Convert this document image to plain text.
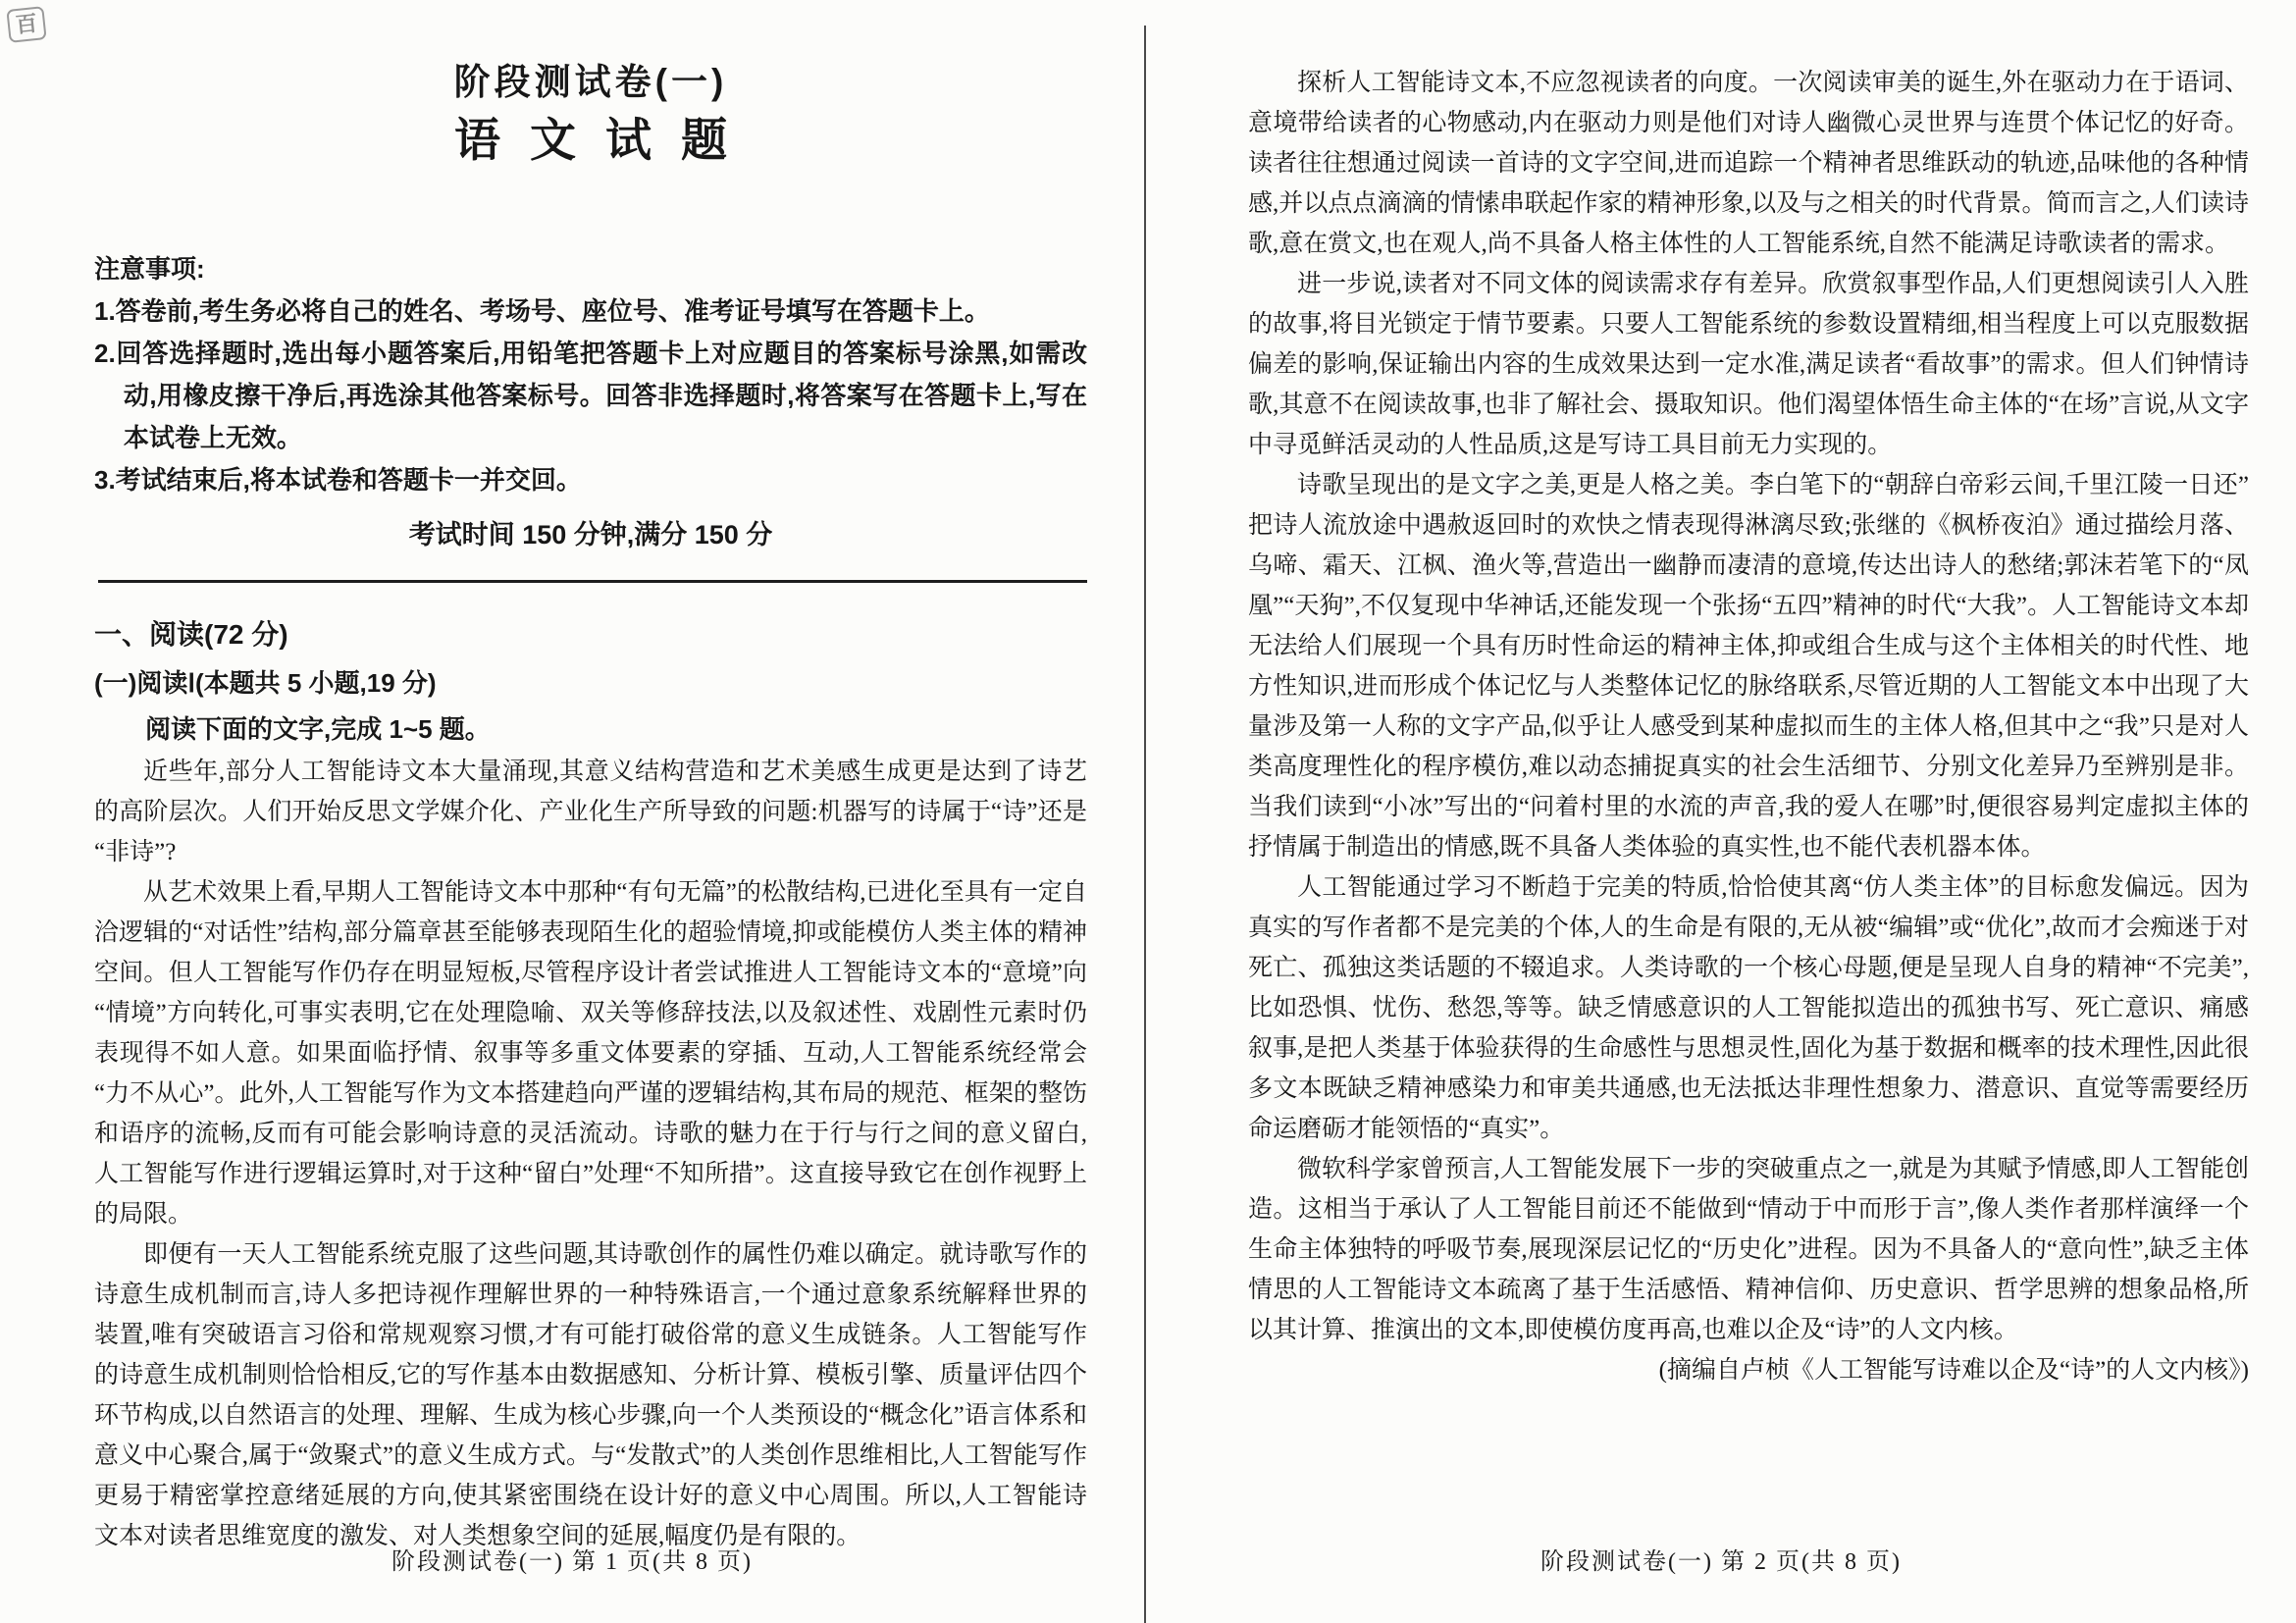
百
阶段测试卷(一)
语文试题
注意事项:
1.答卷前,考生务必将自己的姓名、考场号、座位号、准考证号填写在答题卡上。
2.回答选择题时,选出每小题答案后,用铅笔把答题卡上对应题目的答案标号涂黑,如需改动,用橡皮擦干净后,再选涂其他答案标号。回答非选择题时,将答案写在答题卡上,写在本试卷上无效。
3.考试结束后,将本试卷和答题卡一并交回。
考试时间 150 分钟,满分 150 分
一、阅读(72 分)
(一)阅读Ⅰ(本题共 5 小题,19 分)
阅读下面的文字,完成 1~5 题。

近些年,部分人工智能诗文本大量涌现,其意义结构营造和艺术美感生成更是达到了诗艺的高阶层次。人们开始反思文学媒介化、产业化生产所导致的问题:机器写的诗属于“诗”还是“非诗”?

从艺术效果上看,早期人工智能诗文本中那种“有句无篇”的松散结构,已进化至具有一定自洽逻辑的“对话性”结构,部分篇章甚至能够表现陌生化的超验情境,抑或能模仿人类主体的精神空间。但人工智能写作仍存在明显短板,尽管程序设计者尝试推进人工智能诗文本的“意境”向“情境”方向转化,可事实表明,它在处理隐喻、双关等修辞技法,以及叙述性、戏剧性元素时仍表现得不如人意。如果面临抒情、叙事等多重文体要素的穿插、互动,人工智能系统经常会“力不从心”。此外,人工智能写作为文本搭建趋向严谨的逻辑结构,其布局的规范、框架的整饬和语序的流畅,反而有可能会影响诗意的灵活流动。诗歌的魅力在于行与行之间的意义留白,人工智能写作进行逻辑运算时,对于这种“留白”处理“不知所措”。这直接导致它在创作视野上的局限。

即便有一天人工智能系统克服了这些问题,其诗歌创作的属性仍难以确定。就诗歌写作的诗意生成机制而言,诗人多把诗视作理解世界的一种特殊语言,一个通过意象系统解释世界的装置,唯有突破语言习俗和常规观察习惯,才有可能打破俗常的意义生成链条。人工智能写作的诗意生成机制则恰恰相反,它的写作基本由数据感知、分析计算、模板引擎、质量评估四个环节构成,以自然语言的处理、理解、生成为核心步骤,向一个人类预设的“概念化”语言体系和意义中心聚合,属于“敛聚式”的意义生成方式。与“发散式”的人类创作思维相比,人工智能写作更易于精密掌控意绪延展的方向,使其紧密围绕在设计好的意义中心周围。所以,人工智能诗文本对读者思维宽度的激发、对人类想象空间的延展,幅度仍是有限的。

阶段测试卷(一) 第 1 页(共 8 页)

探析人工智能诗文本,不应忽视读者的向度。一次阅读审美的诞生,外在驱动力在于语词、意境带给读者的心物感动,内在驱动力则是他们对诗人幽微心灵世界与连贯个体记忆的好奇。读者往往想通过阅读一首诗的文字空间,进而追踪一个精神者思维跃动的轨迹,品味他的各种情感,并以点点滴滴的情愫串联起作家的精神形象,以及与之相关的时代背景。简而言之,人们读诗歌,意在赏文,也在观人,尚不具备人格主体性的人工智能系统,自然不能满足诗歌读者的需求。

进一步说,读者对不同文体的阅读需求存有差异。欣赏叙事型作品,人们更想阅读引人入胜的故事,将目光锁定于情节要素。只要人工智能系统的参数设置精细,相当程度上可以克服数据偏差的影响,保证输出内容的生成效果达到一定水准,满足读者“看故事”的需求。但人们钟情诗歌,其意不在阅读故事,也非了解社会、摄取知识。他们渴望体悟生命主体的“在场”言说,从文字中寻觅鲜活灵动的人性品质,这是写诗工具目前无力实现的。

诗歌呈现出的是文字之美,更是人格之美。李白笔下的“朝辞白帝彩云间,千里江陵一日还”把诗人流放途中遇赦返回时的欢快之情表现得淋漓尽致;张继的《枫桥夜泊》通过描绘月落、乌啼、霜天、江枫、渔火等,营造出一幽静而凄清的意境,传达出诗人的愁绪;郭沫若笔下的“凤凰”“天狗”,不仅复现中华神话,还能发现一个张扬“五四”精神的时代“大我”。人工智能诗文本却无法给人们展现一个具有历时性命运的精神主体,抑或组合生成与这个主体相关的时代性、地方性知识,进而形成个体记忆与人类整体记忆的脉络联系,尽管近期的人工智能文本中出现了大量涉及第一人称的文字产品,似乎让人感受到某种虚拟而生的主体人格,但其中之“我”只是对人类高度理性化的程序模仿,难以动态捕捉真实的社会生活细节、分别文化差异乃至辨别是非。当我们读到“小冰”写出的“问着村里的水流的声音,我的爱人在哪”时,便很容易判定虚拟主体的抒情属于制造出的情感,既不具备人类体验的真实性,也不能代表机器本体。

人工智能通过学习不断趋于完美的特质,恰恰使其离“仿人类主体”的目标愈发偏远。因为真实的写作者都不是完美的个体,人的生命是有限的,无从被“编辑”或“优化”,故而才会痴迷于对死亡、孤独这类话题的不辍追求。人类诗歌的一个核心母题,便是呈现人自身的精神“不完美”,比如恐惧、忧伤、愁怨,等等。缺乏情感意识的人工智能拟造出的孤独书写、死亡意识、痛感叙事,是把人类基于体验获得的生命感性与思想灵性,固化为基于数据和概率的技术理性,因此很多文本既缺乏精神感染力和审美共通感,也无法抵达非理性想象力、潜意识、直觉等需要经历命运磨砺才能领悟的“真实”。

微软科学家曾预言,人工智能发展下一步的突破重点之一,就是为其赋予情感,即人工智能创造。这相当于承认了人工智能目前还不能做到“情动于中而形于言”,像人类作者那样演绎一个生命主体独特的呼吸节奏,展现深层记忆的“历史化”进程。因为不具备人的“意向性”,缺乏主体情思的人工智能诗文本疏离了基于生活感悟、精神信仰、历史意识、哲学思辨的想象品格,所以其计算、推演出的文本,即使模仿度再高,也难以企及“诗”的人文内核。

(摘编自卢桢《人工智能写诗难以企及“诗”的人文内核》)

阶段测试卷(一) 第 2 页(共 8 页)
